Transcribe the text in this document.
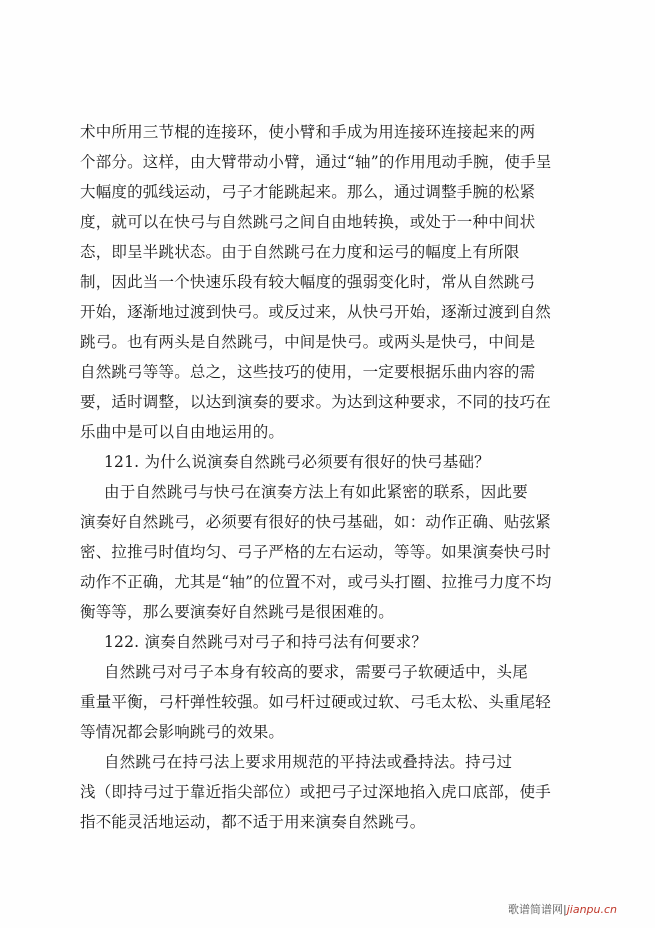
术中所用三节棍的连接环，使小臂和手成为用连接环连接起来的两
个部分。这样，由大臂带动小臂，通过“轴”的作用甩动手腕，使手呈
大幅度的弧线运动，弓子才能跳起来。那么，通过调整手腕的松紧
度，就可以在快弓与自然跳弓之间自由地转换，或处于一种中间状
态，即呈半跳状态。由于自然跳弓在力度和运弓的幅度上有所限
制，因此当一个快速乐段有较大幅度的强弱变化时，常从自然跳弓
开始，逐渐地过渡到快弓。或反过来，从快弓开始，逐渐过渡到自然
跳弓。也有两头是自然跳弓，中间是快弓。或两头是快弓，中间是
自然跳弓等等。总之，这些技巧的使用，一定要根据乐曲内容的需
要，适时调整，以达到演奏的要求。为达到这种要求，不同的技巧在
乐曲中是可以自由地运用的。
121. 为什么说演奏自然跳弓必须要有很好的快弓基础？
由于自然跳弓与快弓在演奏方法上有如此紧密的联系，因此要
演奏好自然跳弓，必须要有很好的快弓基础，如：动作正确、贴弦紧
密、拉推弓时值均匀、弓子严格的左右运动，等等。如果演奏快弓时
动作不正确，尤其是“轴”的位置不对，或弓头打圈、拉推弓力度不均
衡等等，那么要演奏好自然跳弓是很困难的。
122. 演奏自然跳弓对弓子和持弓法有何要求？
自然跳弓对弓子本身有较高的要求，需要弓子软硬适中，头尾
重量平衡，弓杆弹性较强。如弓杆过硬或过软、弓毛太松、头重尾轻
等情况都会影响跳弓的效果。
自然跳弓在持弓法上要求用规范的平持法或叠持法。持弓过
浅（即持弓过于靠近指尖部位）或把弓子过深地掐入虎口底部，使手
指不能灵活地运动，都不适于用来演奏自然跳弓。
歌谱简谱网|jianpu.cn
